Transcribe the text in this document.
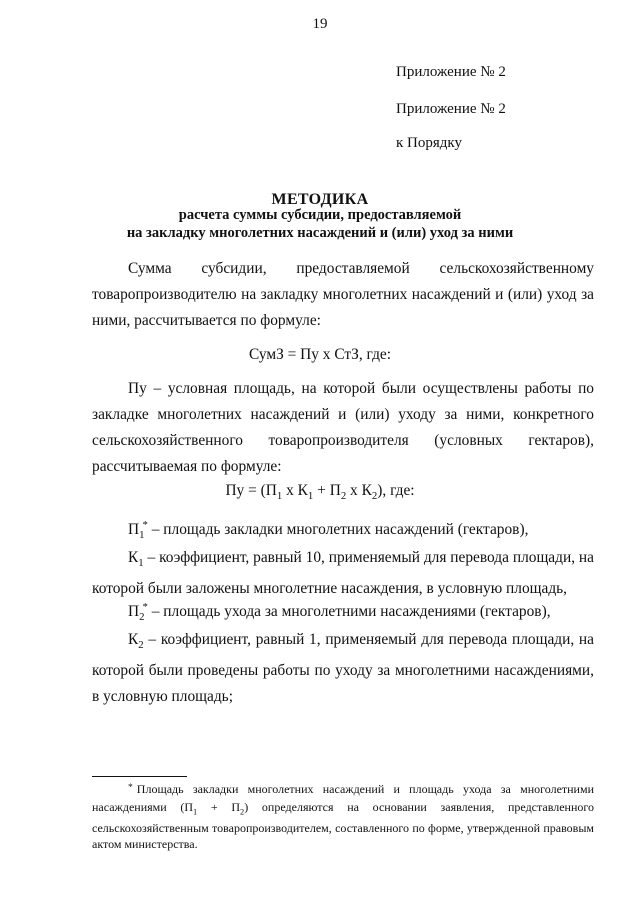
19
Приложение № 2
Приложение № 2
к Порядку
МЕТОДИКА
расчета суммы субсидии, предоставляемой
на закладку многолетних насаждений и (или) уход за ними
Сумма субсидии, предоставляемой сельскохозяйственному товаропроизводителю на закладку многолетних насаждений и (или) уход за ними, рассчитывается по формуле:
СумЗ = Пу х СтЗ, где:
Пу – условная площадь, на которой были осуществлены работы по закладке многолетних насаждений и (или) уходу за ними, конкретного сельскохозяйственного товаропроизводителя (условных гектаров), рассчитываемая по формуле:
Пу = ($П_1$ х $К_1 + П_2$ х $К_2$), где:
$П_1^*$ – площадь закладки многолетних насаждений (гектаров),
$К_1$ – коэффициент, равный 10, применяемый для перевода площади, на которой были заложены многолетние насаждения, в условную площадь,
$П_2^*$ – площадь ухода за многолетними насаждениями (гектаров),
$К_2$ – коэффициент, равный 1, применяемый для перевода площади, на которой были проведены работы по уходу за многолетними насаждениями, в условную площадь;
* Площадь закладки многолетних насаждений и площадь ухода за многолетними насаждениями $(П_1 + П_2)$ определяются на основании заявления, представленного сельскохозяйственным товаропроизводителем, составленного по форме, утвержденной правовым актом министерства.
